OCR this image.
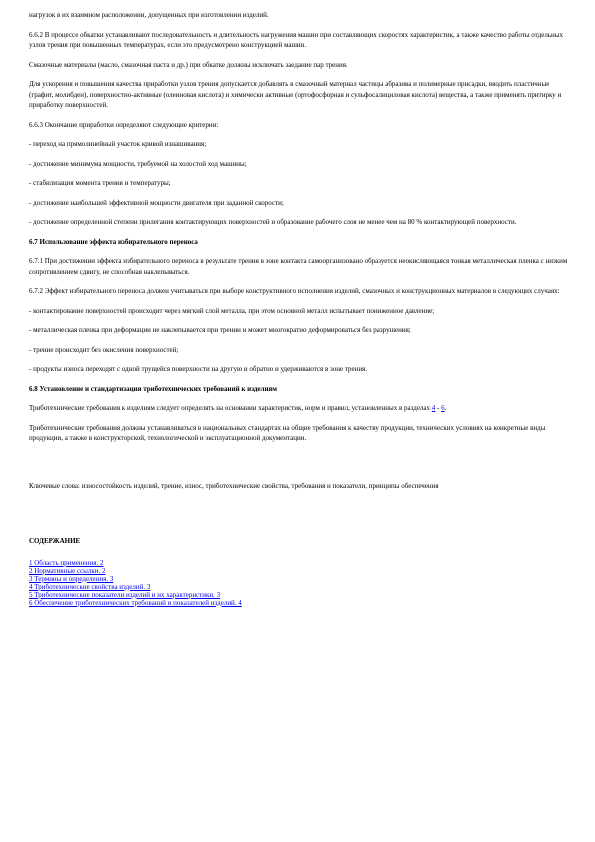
нагрузок в их взаимном расположении, допущенных при изготовлении изделий.

6.6.2 В процессе обкатки устанавливают последовательность и длительность нагружения машин при составляющих скоростях характеристик, а также качество работы отдельных узлов трения при повышенных температурах, если это предусмотрено конструкцией машин.

Смазочные материалы (масло, смазочная паста и др.) при обкатке должны исключать заедание пар трения.

Для ускорения и повышения качества приработки узлов трения допускается добавлять в смазочный материал частицы абразива и полимерные присадки, вводить пластичные (графит, молибден), поверхностно-активные (олеиновая кислота) и химически активные (ортофосфорная и сульфосалициловая кислота) вещества, а также применять притирку и приработку поверхностей.

6.6.3 Окончание приработки определяют следующие критерии:

- переход на прямолинейный участок кривой изнашивания;

- достижение минимума мощности, требуемой на холостой ход машины;

- стабилизация момента трения и температуры;

- достижение наибольшей эффективной мощности двигателя при заданной скорости;

- достижение определенной степени прилегания контактирующих поверхностей и образование рабочего слоя не менее чем на 80 % контактирующей поверхности.

6.7 Использование эффекта избирательного переноса

6.7.1 При достижении эффекта избирательного переноса в результате трения в зоне контакта самоорганизовано образуется неокисляющаяся тонкая металлическая пленка с низким сопротивлением сдвигу, не способная наклепываться.

6.7.2 Эффект избирательного переноса должен учитываться при выборе конструктивного исполнения изделий, смазочных и конструкционных материалов в следующих случаях:

- контактирование поверхностей происходит через мягкий слой металла, при этом основной металл испытывает пониженное давление;

- металлическая пленка при деформации не наклепывается при трении и может многократно деформироваться без разрушения;

- трение происходит без окисления поверхностей;

- продукты износа переходят с одной трущейся поверхности на другую и обратно и удерживаются в зоне трения.

6.8 Установление и стандартизация триботехнических требований к изделиям

Триботехнические требования к изделиям следует определять на основании характеристик, норм и правил, установленных в разделах 4 - 6.

Триботехнические требования должны устанавливаться в национальных стандартах на общие требования к качеству продукции, технических условиях на конкретные виды продукции, а также в конструкторской, технологической и эксплуатационной документации.

Ключевые слова: износостойкость изделий, трение, износ, триботехнические свойства, требования и показатели, принципы обеспечения

СОДЕРЖАНИЕ

1 Область применения. 2
2 Нормативные ссылки. 2
3 Термины и определения. 3
4 Триботехнические свойства изделий. 3
5 Триботехнические показатели изделий и их характеристики. 3
6 Обеспечение триботехнических требований и показателей изделий. 4
